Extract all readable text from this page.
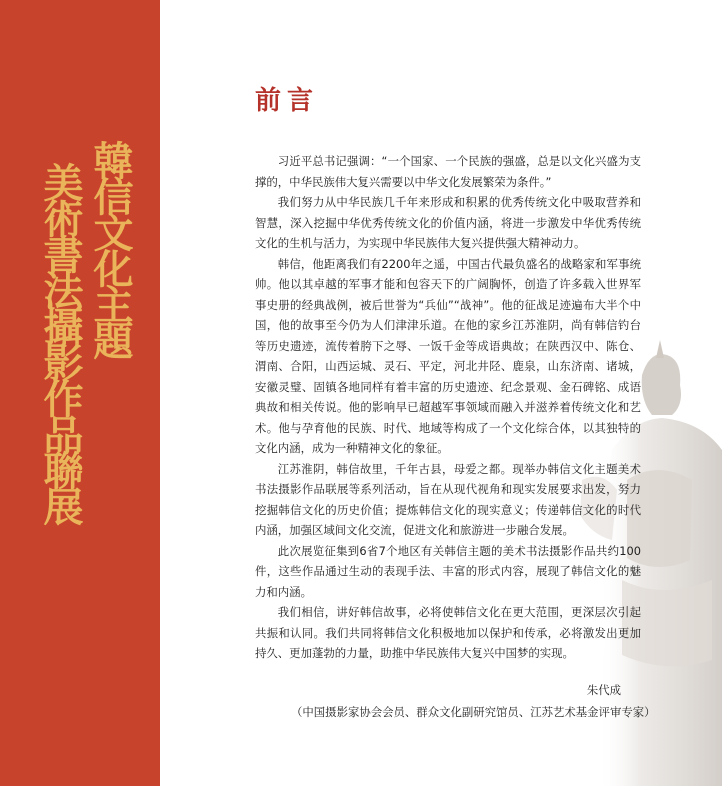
韓信文化主題
美術書法攝影作品聯展
前言

习近平总书记强调：“一个国家、一个民族的强盛，总是以文化兴盛为支撑的，中华民族伟大复兴需要以中华文化发展繁荣为条件。”

我们努力从中华民族几千年来形成和积累的优秀传统文化中吸取营养和智慧，深入挖掘中华优秀传统文化的价值内涵，将进一步激发中华优秀传统文化的生机与活力，为实现中华民族伟大复兴提供强大精神动力。

韩信，他距离我们有2200年之遥，中国古代最负盛名的战略家和军事统帅。他以其卓越的军事才能和包容天下的广阔胸怀，创造了许多载入世界军事史册的经典战例，被后世誉为“兵仙”“战神”。他的征战足迹遍布大半个中国，他的故事至今仍为人们津津乐道。在他的家乡江苏淮阴，尚有韩信钓台等历史遗迹，流传着胯下之辱、一饭千金等成语典故；在陕西汉中、陈仓、渭南、合阳，山西运城、灵石、平定，河北井陉、鹿泉，山东济南、诸城，安徽灵璧、固镇各地同样有着丰富的历史遗迹、纪念景观、金石碑铭、成语典故和相关传说。他的影响早已超越军事领域而融入并滋养着传统文化和艺术。他与孕育他的民族、时代、地域等构成了一个文化综合体，以其独特的文化内涵，成为一种精神文化的象征。

江苏淮阴，韩信故里，千年古县，母爱之都。现举办韩信文化主题美术书法摄影作品联展等系列活动，旨在从现代视角和现实发展要求出发，努力挖掘韩信文化的历史价值；提炼韩信文化的现实意义；传递韩信文化的时代内涵，加强区域间文化交流，促进文化和旅游进一步融合发展。

此次展览征集到6省7个地区有关韩信主题的美术书法摄影作品共约100件，这些作品通过生动的表现手法、丰富的形式内容，展现了韩信文化的魅力和内涵。

我们相信，讲好韩信故事，必将使韩信文化在更大范围，更深层次引起共振和认同。我们共同将韩信文化积极地加以保护和传承，必将激发出更加持久、更加蓬勃的力量，助推中华民族伟大复兴中国梦的实现。

朱代成
（中国摄影家协会会员、群众文化副研究馆员、江苏艺术基金评审专家）
